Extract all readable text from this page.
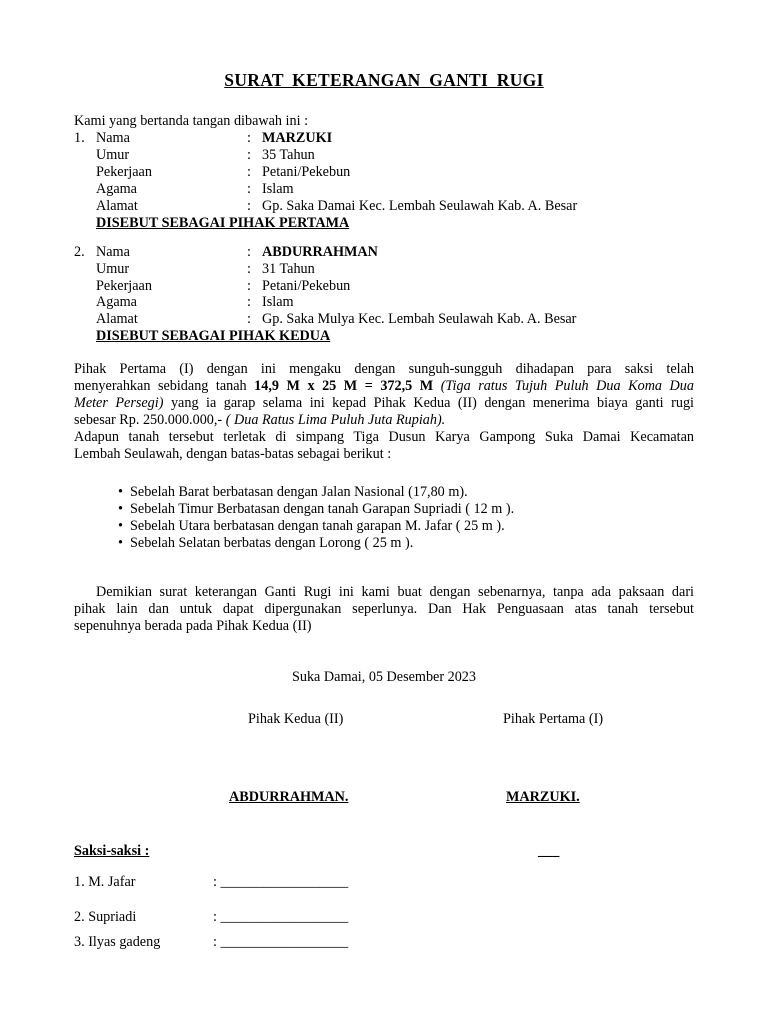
SURAT KETERANGAN GANTI RUGI
Kami yang bertanda tangan dibawah ini :
1. Nama	: MARZUKI
Umur	: 35 Tahun
Pekerjaan	: Petani/Pekebun
Agama	: Islam
Alamat	: Gp. Saka Damai Kec. Lembah Seulawah Kab. A. Besar
DISEBUT SEBAGAI PIHAK PERTAMA
2. Nama	: ABDURRAHMAN
Umur	: 31 Tahun
Pekerjaan	: Petani/Pekebun
Agama	: Islam
Alamat	: Gp. Saka Mulya Kec. Lembah Seulawah Kab. A. Besar
DISEBUT SEBAGAI PIHAK KEDUA
Pihak Pertama (I) dengan ini mengaku dengan sunguh-sungguh dihadapan para saksi telah
menyerahkan sebidang tanah 14,9 M x 25 M = 372,5 M (Tiga ratus Tujuh Puluh Dua Koma Dua
Meter Persegi) yang ia garap selama ini kepad Pihak Kedua (II) dengan menerima biaya ganti rugi
sebesar Rp. 250.000.000,- ( Dua Ratus Lima Puluh Juta Rupiah).
Adapun tanah tersebut terletak di simpang Tiga Dusun Karya Gampong Suka Damai Kecamatan
Lembah Seulawah, dengan batas-batas sebagai berikut :
• Sebelah Barat berbatasan dengan Jalan Nasional (17,80 m).
• Sebelah Timur Berbatasan dengan tanah Garapan Supriadi ( 12 m ).
• Sebelah Utara berbatasan dengan tanah garapan M. Jafar ( 25 m ).
• Sebelah Selatan berbatas dengan Lorong ( 25 m ).
Demikian surat keterangan Ganti Rugi ini kami buat dengan sebenarnya, tanpa ada paksaan dari
pihak lain dan untuk dapat dipergunakan seperlunya. Dan Hak Penguasaan atas tanah tersebut
sepenuhnya berada pada Pihak Kedua (II)
Suka Damai, 05 Desember 2023
Pihak Kedua (II)	Pihak Pertama (I)
ABDURRAHMAN.	MARZUKI.
Saksi-saksi :	___
1. M. Jafar	: __________________
2. Supriadi	: __________________
3. Ilyas gadeng	: __________________
